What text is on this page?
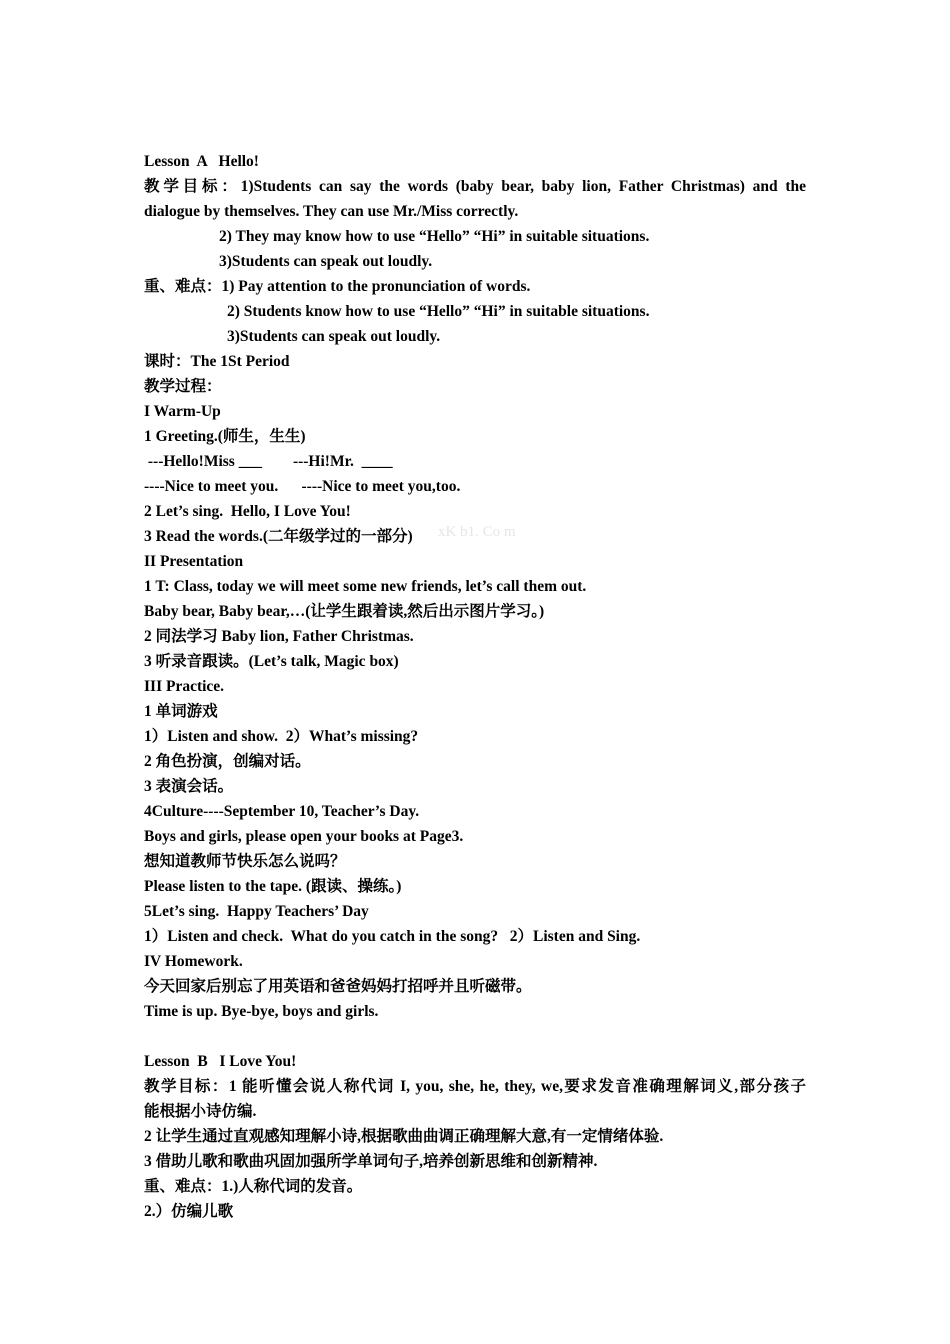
Lesson  A   Hello!
教学目标：1)Students can say the words (baby bear, baby lion, Father Christmas) and the
dialogue by themselves. They can use Mr./Miss correctly.
2) They may know how to use “Hello” “Hi” in suitable situations.
3)Students can speak out loudly.
重、难点：1) Pay attention to the pronunciation of words.
2) Students know how to use “Hello” “Hi” in suitable situations.
3)Students can speak out loudly.
课时：The 1St Period
教学过程：
I Warm-Up
1 Greeting.(师生，生生)
---Hello!Miss ___        ---Hi!Mr.  ____
----Nice to meet you.      ----Nice to meet you,too.
2 Let’s sing.  Hello, I Love You!
3 Read the words.(二年级学过的一部分)
II Presentation
1 T: Class, today we will meet some new friends, let’s call them out.
Baby bear, Baby bear,…(让学生跟着读,然后出示图片学习。)
2 同法学习 Baby lion, Father Christmas.
3 听录音跟读。(Let’s talk, Magic box)
III Practice.
1 单词游戏
1）Listen and show.  2）What’s missing?
2 角色扮演，创编对话。
3 表演会话。
4Culture----September 10, Teacher’s Day.
Boys and girls, please open your books at Page3.
想知道教师节快乐怎么说吗？
Please listen to the tape. (跟读、操练。)
5Let’s sing.  Happy Teachers’ Day
1）Listen and check.  What do you catch in the song?   2）Listen and Sing.
IV Homework.
今天回家后别忘了用英语和爸爸妈妈打招呼并且听磁带。
Time is up. Bye-bye, boys and girls.
Lesson  B   I Love You!
教学目标：1 能听懂会说人称代词 I, you, she, he, they, we,要求发音准确理解词义,部分孩子
能根据小诗仿编.
2 让学生通过直观感知理解小诗,根据歌曲曲调正确理解大意,有一定情绪体验.
3 借助儿歌和歌曲巩固加强所学单词句子,培养创新思维和创新精神.
重、难点：1.)人称代词的发音。
2.）仿编儿歌
xK b1. Co m
